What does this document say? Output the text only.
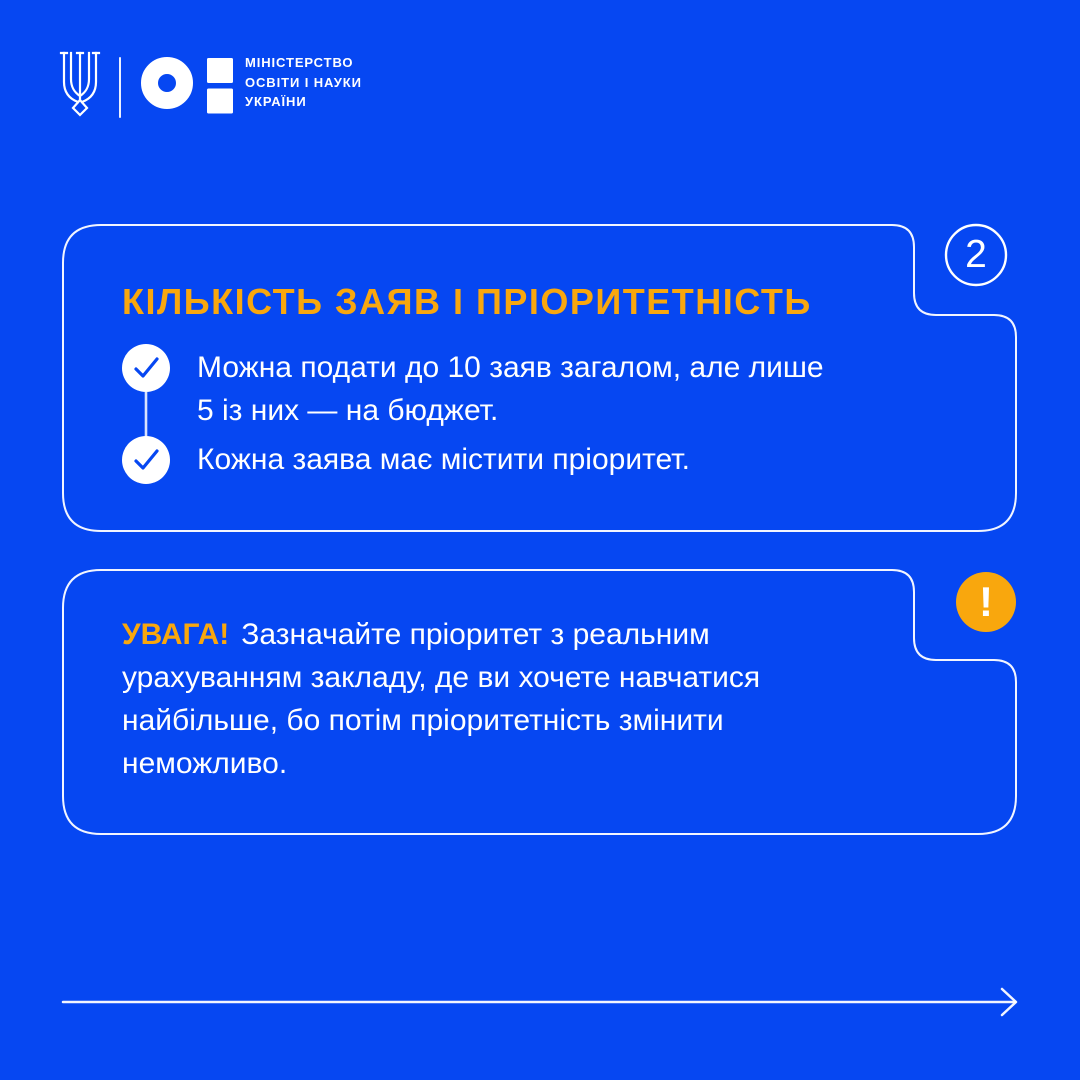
МІНІСТЕРСТВО
ОСВІТИ І НАУКИ
УКРАЇНИ
2
КІЛЬКІСТЬ ЗАЯВ І ПРІОРИТЕТНІСТЬ
Можна подати до 10 заяв загалом, але лише
5 із них — на бюджет.
Кожна заява має містити пріоритет.
!
УВАГА! Зазначайте пріоритет з реальним
урахуванням закладу, де ви хочете навчатися
найбільше, бо потім пріоритетність змінити
неможливо.
